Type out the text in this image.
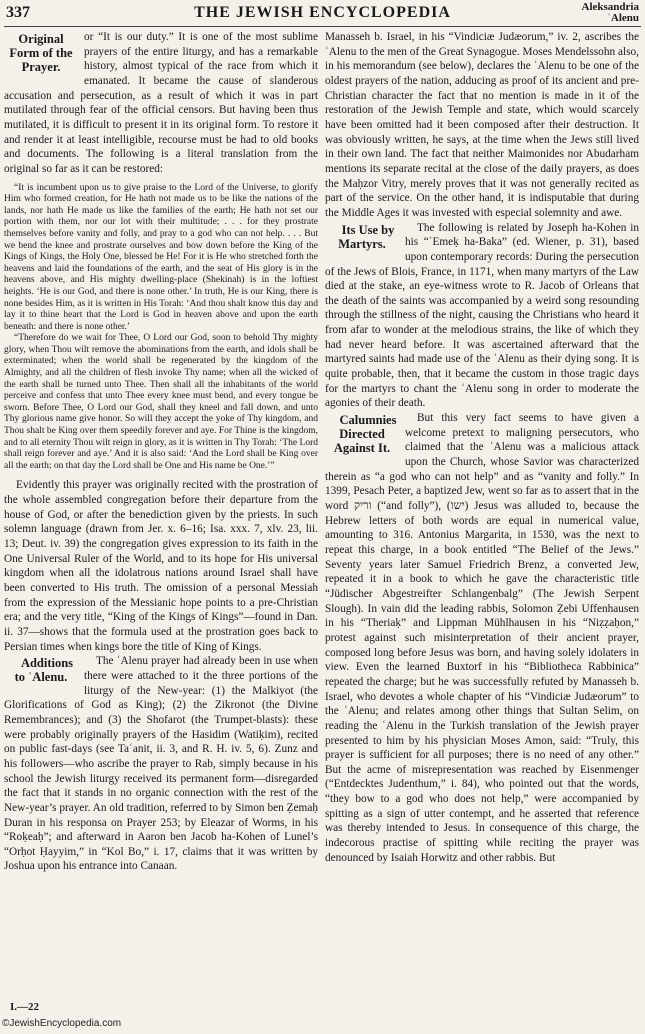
337	THE JEWISH ENCYCLOPEDIA	Aleksandria
ʿAlenu

Original Form of the Prayer.
or “It is our duty.” It is one of the most sublime prayers of the entire liturgy, and has a remarkable history, almost typical of the race from which it emanated. It became the cause of slanderous accusation and persecution, as a result of which it was in part mutilated through fear of the official censors. But having been thus mutilated, it is difficult to present it in its original form. To restore it and render it at least intelligible, recourse must be had to old books and documents. The following is a literal translation from the original so far as it can be restored:

“It is incumbent upon us to give praise to the Lord of the Universe, to glorify Him who formed creation, for He hath not made us to be like the nations of the lands, nor hath He made us like the families of the earth; He hath not set our portion with them, nor our lot with their multitude; . . . for they prostrate themselves before vanity and folly, and pray to a god who can not help. . . . But we bend the knee and prostrate ourselves and bow down before the King of the Kings of Kings, the Holy One, blessed be He! For it is He who stretched forth the heavens and laid the foundations of the earth, and the seat of His glory is in the heavens above, and His mighty dwelling-place (Shekinah) is in the loftiest heights. ‘He is our God, and there is none other.’ In truth, He is our King, there is none besides Him, as it is written in His Torah: ‘And thou shalt know this day and lay it to thine heart that the Lord is God in heaven above and upon the earth beneath: and there is none other.’

“Therefore do we wait for Thee, O Lord our God, soon to behold Thy mighty glory, when Thou wilt remove the abominations from the earth, and idols shall be exterminated; when the world shall be regenerated by the kingdom of the Almighty, and all the children of flesh invoke Thy name; when all the wicked of the earth shall be turned unto Thee. Then shall all the inhabitants of the world perceive and confess that unto Thee every knee must bend, and every tongue be sworn. Before Thee, O Lord our God, shall they kneel and fall down, and unto Thy glorious name give honor. So will they accept the yoke of Thy kingdom, and Thou shalt be King over them speedily forever and aye. For Thine is the kingdom, and to all eternity Thou wilt reign in glory, as it is written in Thy Torah: ‘The Lord shall reign forever and aye.’ And it is also said: ‘And the Lord shall be King over all the earth; on that day the Lord shall be One and His name be One.’”

Evidently this prayer was originally recited with the prostration of the whole assembled congregation before their departure from the house of God, or after the benediction given by the priests. In such solemn language (drawn from Jer. x. 6–16; Isa. xxx. 7, xlv. 23, lii. 13; Deut. iv. 39) the congregation gives expression to its faith in the One Universal Ruler of the World, and to its hope for His universal kingdom when all the idolatrous nations around Israel shall have been converted to His truth. The omission of a personal Messiah from the expression of the Messianic hope points to a pre-Christian era; and the very title, “King of the Kings of Kings”—found in Dan. ii. 37—shows that the formula used at the prostration goes back to Persian times when kings bore the title of King of Kings.

Additions to ʿAlenu.
The ʿAlenu prayer had already been in use when there were attached to it the three portions of the liturgy of the New-year: (1) the Malkiyot (the Glorifications of God as King); (2) the Zikronot (the Divine Remembrances); and (3) the Shofarot (the Trumpet-blasts): these were probably originally prayers of the Hasidim (Watiḳim), recited on public fast-days (see Taʿanit, ii. 3, and R. H. iv. 5, 6). Zunz and his followers—who ascribe the prayer to Rab, simply because in his school the Jewish liturgy received its permanent form—disregarded the fact that it stands in no organic connection with the rest of the New-year’s prayer. An old tradition, referred to by Simon ben Ẓemaḥ Duran in his responsa on Prayer 253; by Eleazar of Worms, in his “Roḳeaḥ”; and afterward in Aaron ben Jacob ha-Kohen of Lunel’s “Orḥot Ḥayyim,” in “Kol Bo,” i. 17, claims that it was written by Joshua upon his entrance into Canaan.

Manasseh b. Israel, in his “Vindiciæ Judæorum,” iv. 2, ascribes the ʿAlenu to the men of the Great Synagogue. Moses Mendelssohn also, in his memorandum (see below), declares the ʿAlenu to be one of the oldest prayers of the nation, adducing as proof of its ancient and pre-Christian character the fact that no mention is made in it of the restoration of the Jewish Temple and state, which would scarcely have been omitted had it been composed after their destruction. It was obviously written, he says, at the time when the Jews still lived in their own land. The fact that neither Maimonides nor Abudarham mentions its separate recital at the close of the daily prayers, as does the Maḥzor Vitry, merely proves that it was not generally recited as part of the service. On the other hand, it is indisputable that during the Middle Ages it was invested with especial solemnity and awe.

Its Use by Martyrs.
The following is related by Joseph ha-Kohen in his “ʿEmeḳ ha-Baka” (ed. Wiener, p. 31), based upon contemporary records: During the persecution of the Jews of Blois, France, in 1171, when many martyrs of the Law died at the stake, an eye-witness wrote to R. Jacob of Orleans that the death of the saints was accompanied by a weird song resounding through the stillness of the night, causing the Christians who heard it from afar to wonder at the melodious strains, the like of which they had never heard before. It was ascertained afterward that the martyred saints had made use of the ʿAlenu as their dying song. It is quite probable, then, that it became the custom in those tragic days for the martyrs to chant the ʿAlenu song in order to moderate the agonies of their death.

Calumnies Directed Against It.
But this very fact seems to have given a welcome pretext to maligning persecutors, who claimed that the ʿAlenu was a malicious attack upon the Church, whose Savior was characterized therein as “a god who can not help” and as “vanity and folly.” In 1399, Pesach Peter, a baptized Jew, went so far as to assert that in the word וריק (“and folly”), (ישו) Jesus was alluded to, because the Hebrew letters of both words are equal in numerical value, amounting to 316. Antonius Margarita, in 1530, was the next to repeat this charge, in a book entitled “The Belief of the Jews.” Seventy years later Samuel Friedrich Brenz, a converted Jew, repeated it in a book to which he gave the characteristic title “Jüdischer Abgestreifter Schlangenbalg” (The Jewish Serpent Slough). In vain did the leading rabbis, Solomon Ẓebi Uffenhausen in his “Theriaḳ” and Lippman Mühlhausen in his “Niẓẓaḥon,” protest against such misinterpretation of their ancient prayer, composed long before Jesus was born, and having solely idolaters in view. Even the learned Buxtorf in his “Bibliotheca Rabbinica” repeated the charge; but he was successfully refuted by Manasseh b. Israel, who devotes a whole chapter of his “Vindiciæ Judæorum” to the ʿAlenu; and relates among other things that Sultan Selim, on reading the ʿAlenu in the Turkish translation of the Jewish prayer presented to him by his physician Moses Amon, said: “Truly, this prayer is sufficient for all purposes; there is no need of any other.” But the acme of misrepresentation was reached by Eisenmenger (“Entdecktes Judenthum,” i. 84), who pointed out that the words, “they bow to a god who does not help,” were accompanied by spitting as a sign of utter contempt, and he asserted that reference was thereby intended to Jesus. In consequence of this charge, the indecorous practise of spitting while reciting the prayer was denounced by Isaiah Horwitz and other rabbis. But

I.—22
©JewishEncyclopedia.com
